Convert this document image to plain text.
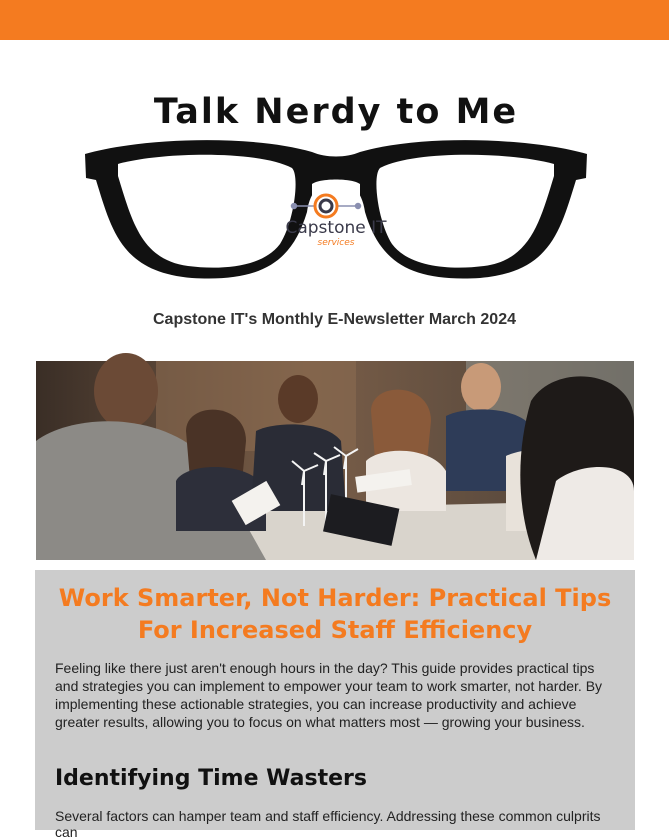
Talk Nerdy to Me
Capstone IT
services
Capstone IT's Monthly E-Newsletter March 2024
Work Smarter, Not Harder: Practical Tips
For Increased Staff Efficiency
Feeling like there just aren't enough hours in the day? This guide provides practical tips and strategies you can implement to empower your team to work smarter, not harder. By implementing these actionable strategies, you can increase productivity and achieve greater results, allowing you to focus on what matters most — growing your business.
Identifying Time Wasters
Several factors can hamper team and staff efficiency. Addressing these common culprits can
